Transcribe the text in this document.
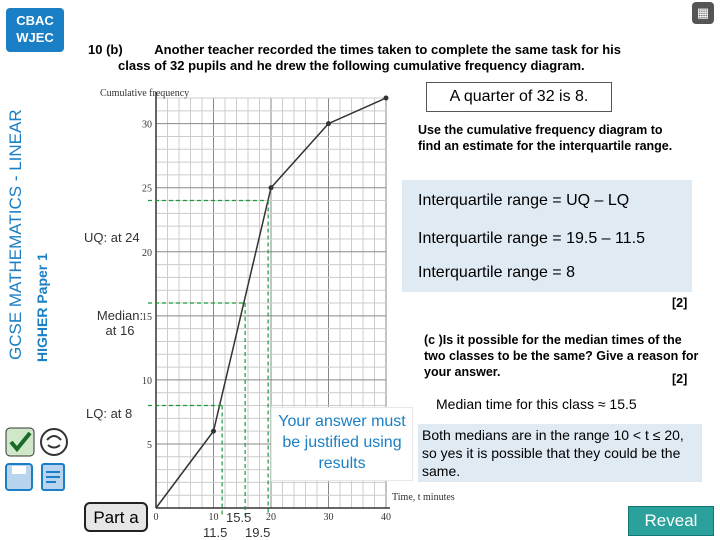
CBAC
WJEC
GCSE MATHEMATICS - LINEAR HIGHER Paper 1
▦
10 (b) Another teacher recorded the times taken to complete the same task for his
class of 32 pupils and he drew the following cumulative frequency diagram.
0	10	20	30	40
5
10
15
20
25
30
Cumulative frequency
Time, t minutes
A quarter of 32 is 8.
Use the cumulative frequency diagram to find an estimate for the interquartile range.
Interquartile range = UQ – LQ
Interquartile range = 19.5 – 11.5
Interquartile range = 8
[2]
(c )Is it possible for the median times of the two classes to be the same? Give a reason for your answer.	[2]
Median time for this class ≈ 15.5
Both medians are in the range 10 < t ≤ 20, so yes it is possible that they could be the same.
Your answer must be justified using results
UQ: at 24
Median: at 16
LQ: at 8
15.5
11.5 19.5
Part a	Reveal
